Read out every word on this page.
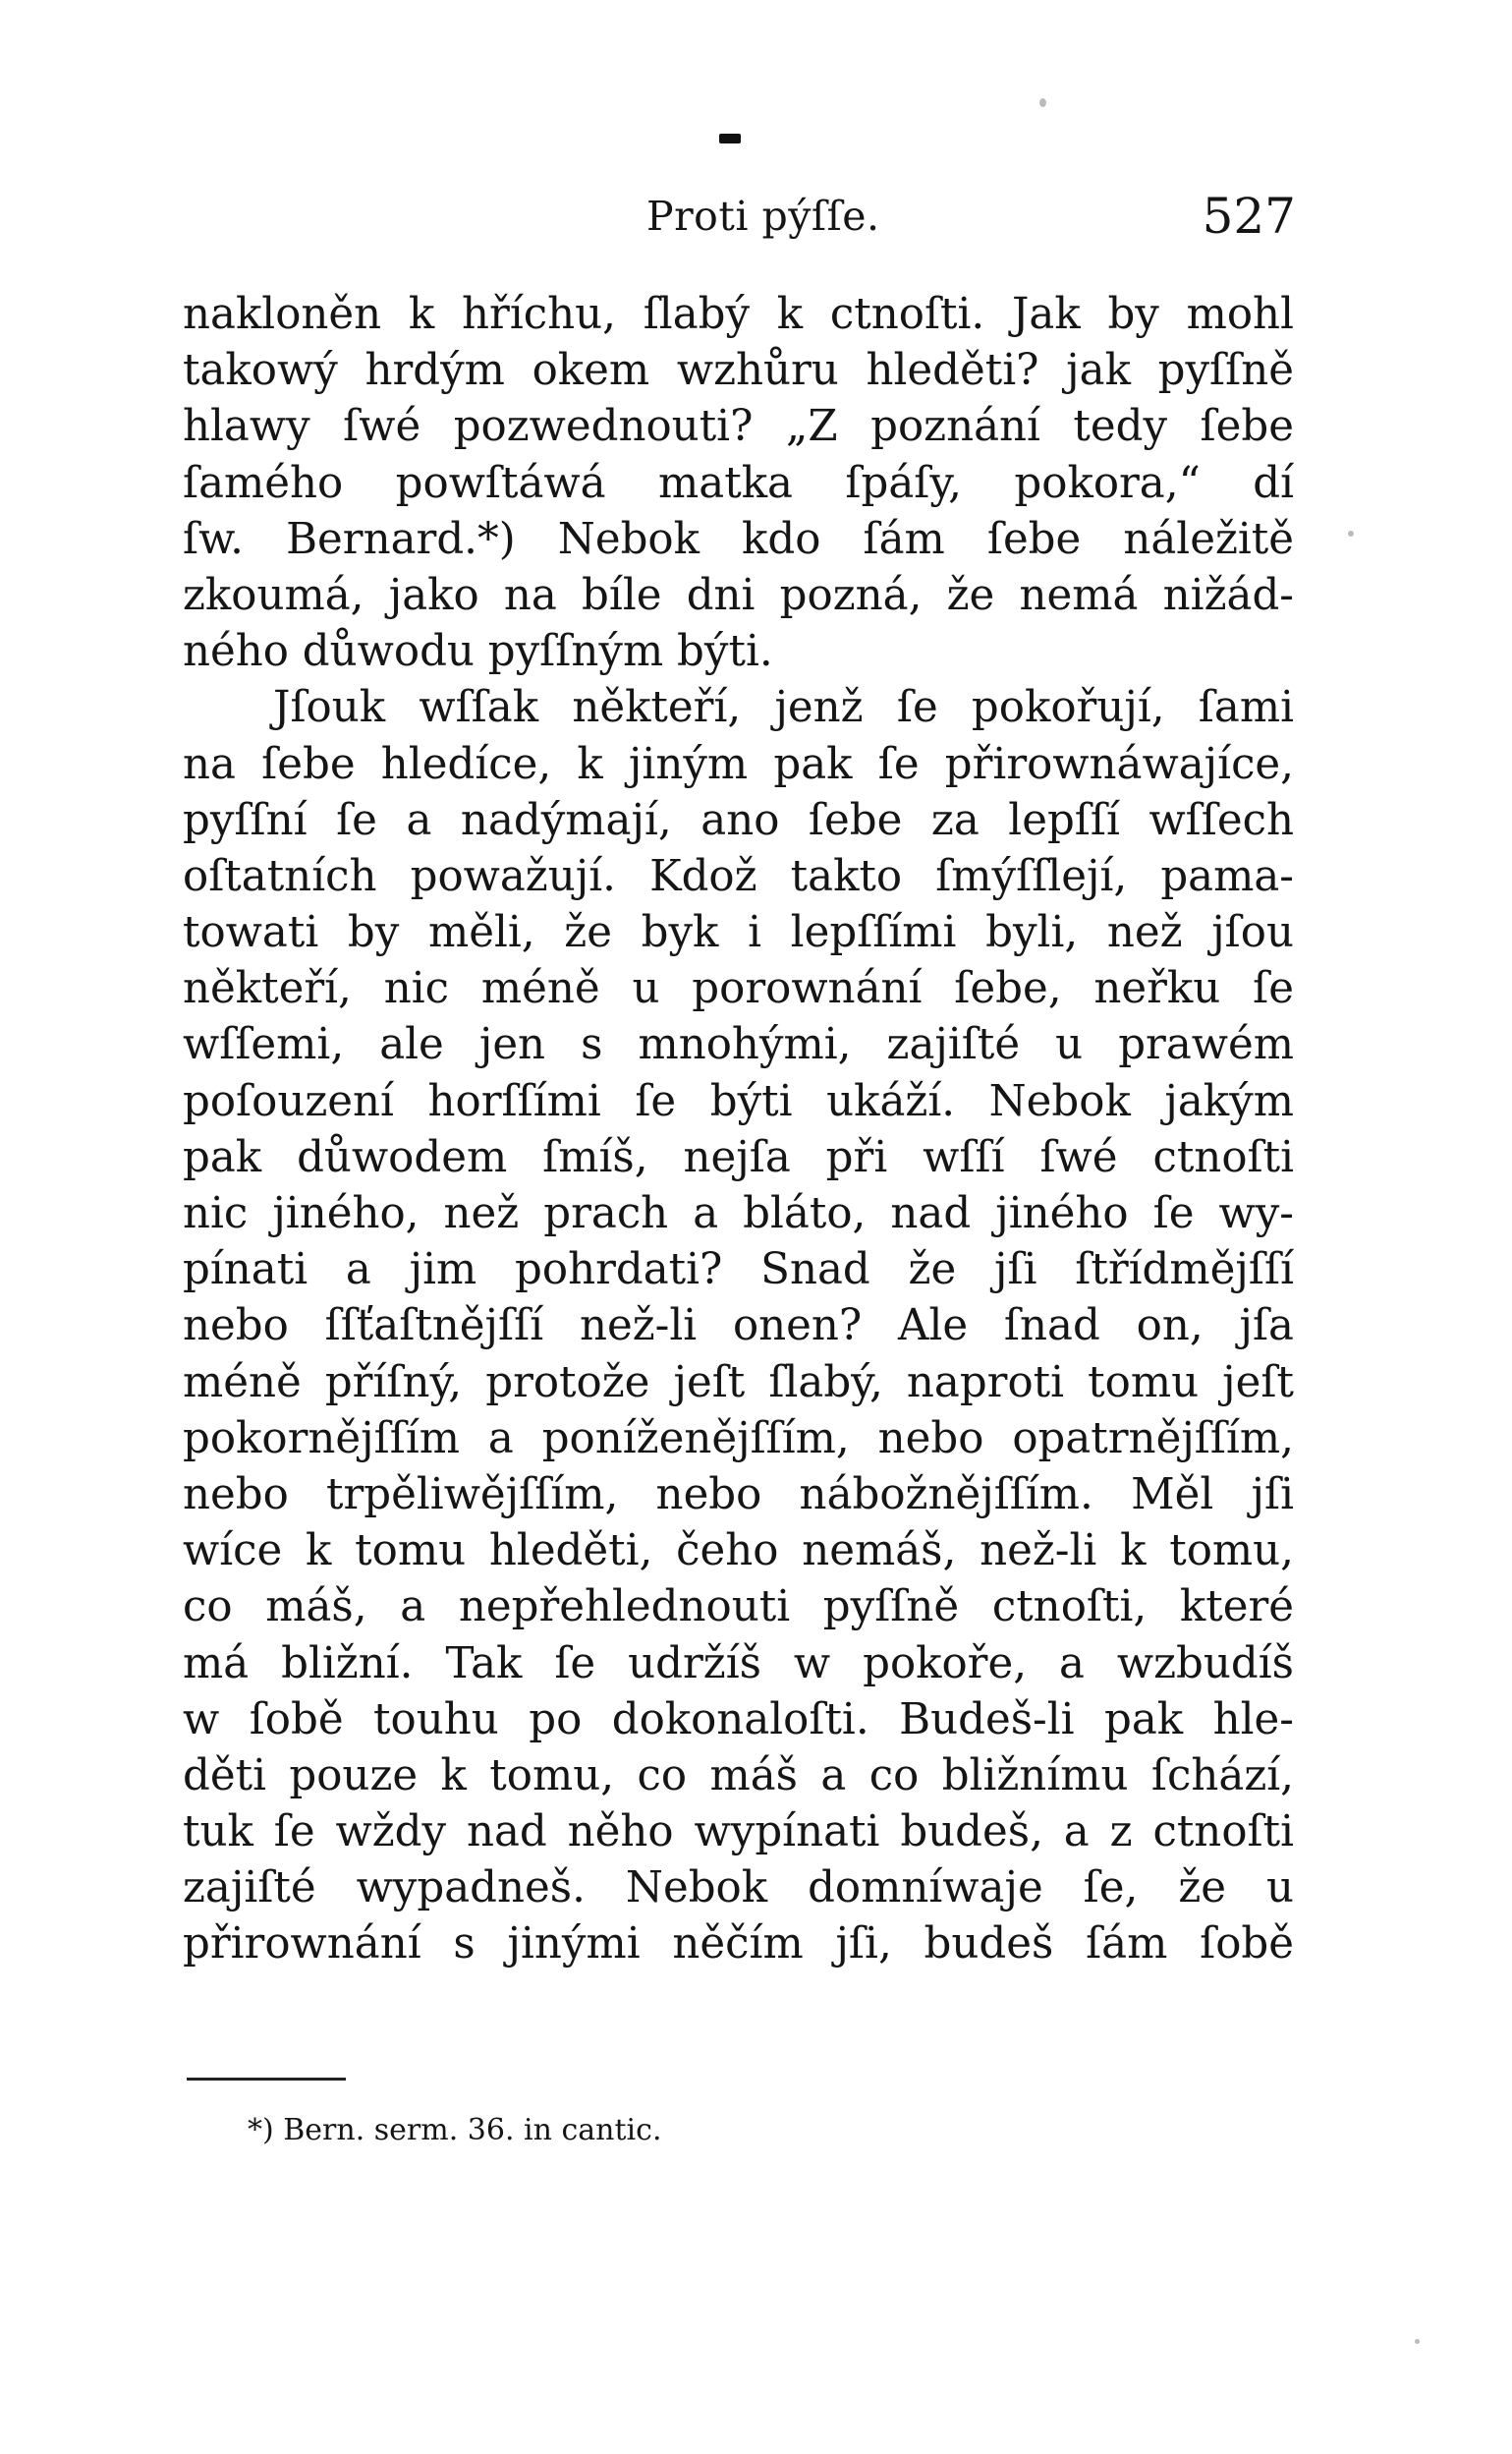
Proti pýſſe.	527
nakloněn k hříchu, ſlabý k ctnoſti. Jak by mohl
takowý hrdým okem wzhůru hleděti? jak pyſſně
hlawy ſwé pozwednouti? „Z poznání tedy ſebe
ſamého powſtáwá matka ſpáſy, pokora,“ dí
ſw. Bernard.*) Nebok kdo ſám ſebe náležitě
zkoumá, jako na bíle dni pozná, že nemá nižád-
ného důwodu pyſſným býti.
Jſouk wſſak někteří, jenž ſe pokořují, ſami
na ſebe hledíce, k jiným pak ſe přirownáwajíce,
pyſſní ſe a nadýmají, ano ſebe za lepſſí wſſech
oſtatních powažují. Kdož takto ſmýſſlejí, pama-
towati by měli, že byk i lepſſími byli, než jſou
někteří, nic méně u porownání ſebe, neřku ſe
wſſemi, ale jen s mnohými, zajiſté u prawém
poſouzení horſſími ſe býti ukáží. Nebok jakým
pak důwodem ſmíš, nejſa při wſſí ſwé ctnoſti
nic jiného, než prach a bláto, nad jiného ſe wy-
pínati a jim pohrdati? Snad že jſi ſtřídměјſſí
nebo ſſťaſtněјſſí než-li onen? Ale ſnad on, jſa
méně příſný, protože jeſt ſlabý, naproti tomu jeſt
pokorněјſſím a poníženěјſſím, nebo opatrněјſſím,
nebo trpěliwěјſſím, nebo nábožněјſſím. Měl jſi
wíce k tomu hleděti, čeho nemáš, než-li k tomu,
co máš, a nepřehlednouti pyſſně ctnoſti, které
má bližní. Tak ſe udržíš w pokoře, a wzbudíš
w ſobě touhu po dokonaloſti. Budeš-li pak hle-
děti pouze k tomu, co máš a co bližnímu ſchází,
tuk ſe wždy nad něho wypínati budeš, a z ctnoſti
zajiſté wypadneš. Nebok domníwaje ſe, že u
přirownání s jinými něčím jſi, budeš ſám ſobě
*) Bern. serm. 36. in cantic.
